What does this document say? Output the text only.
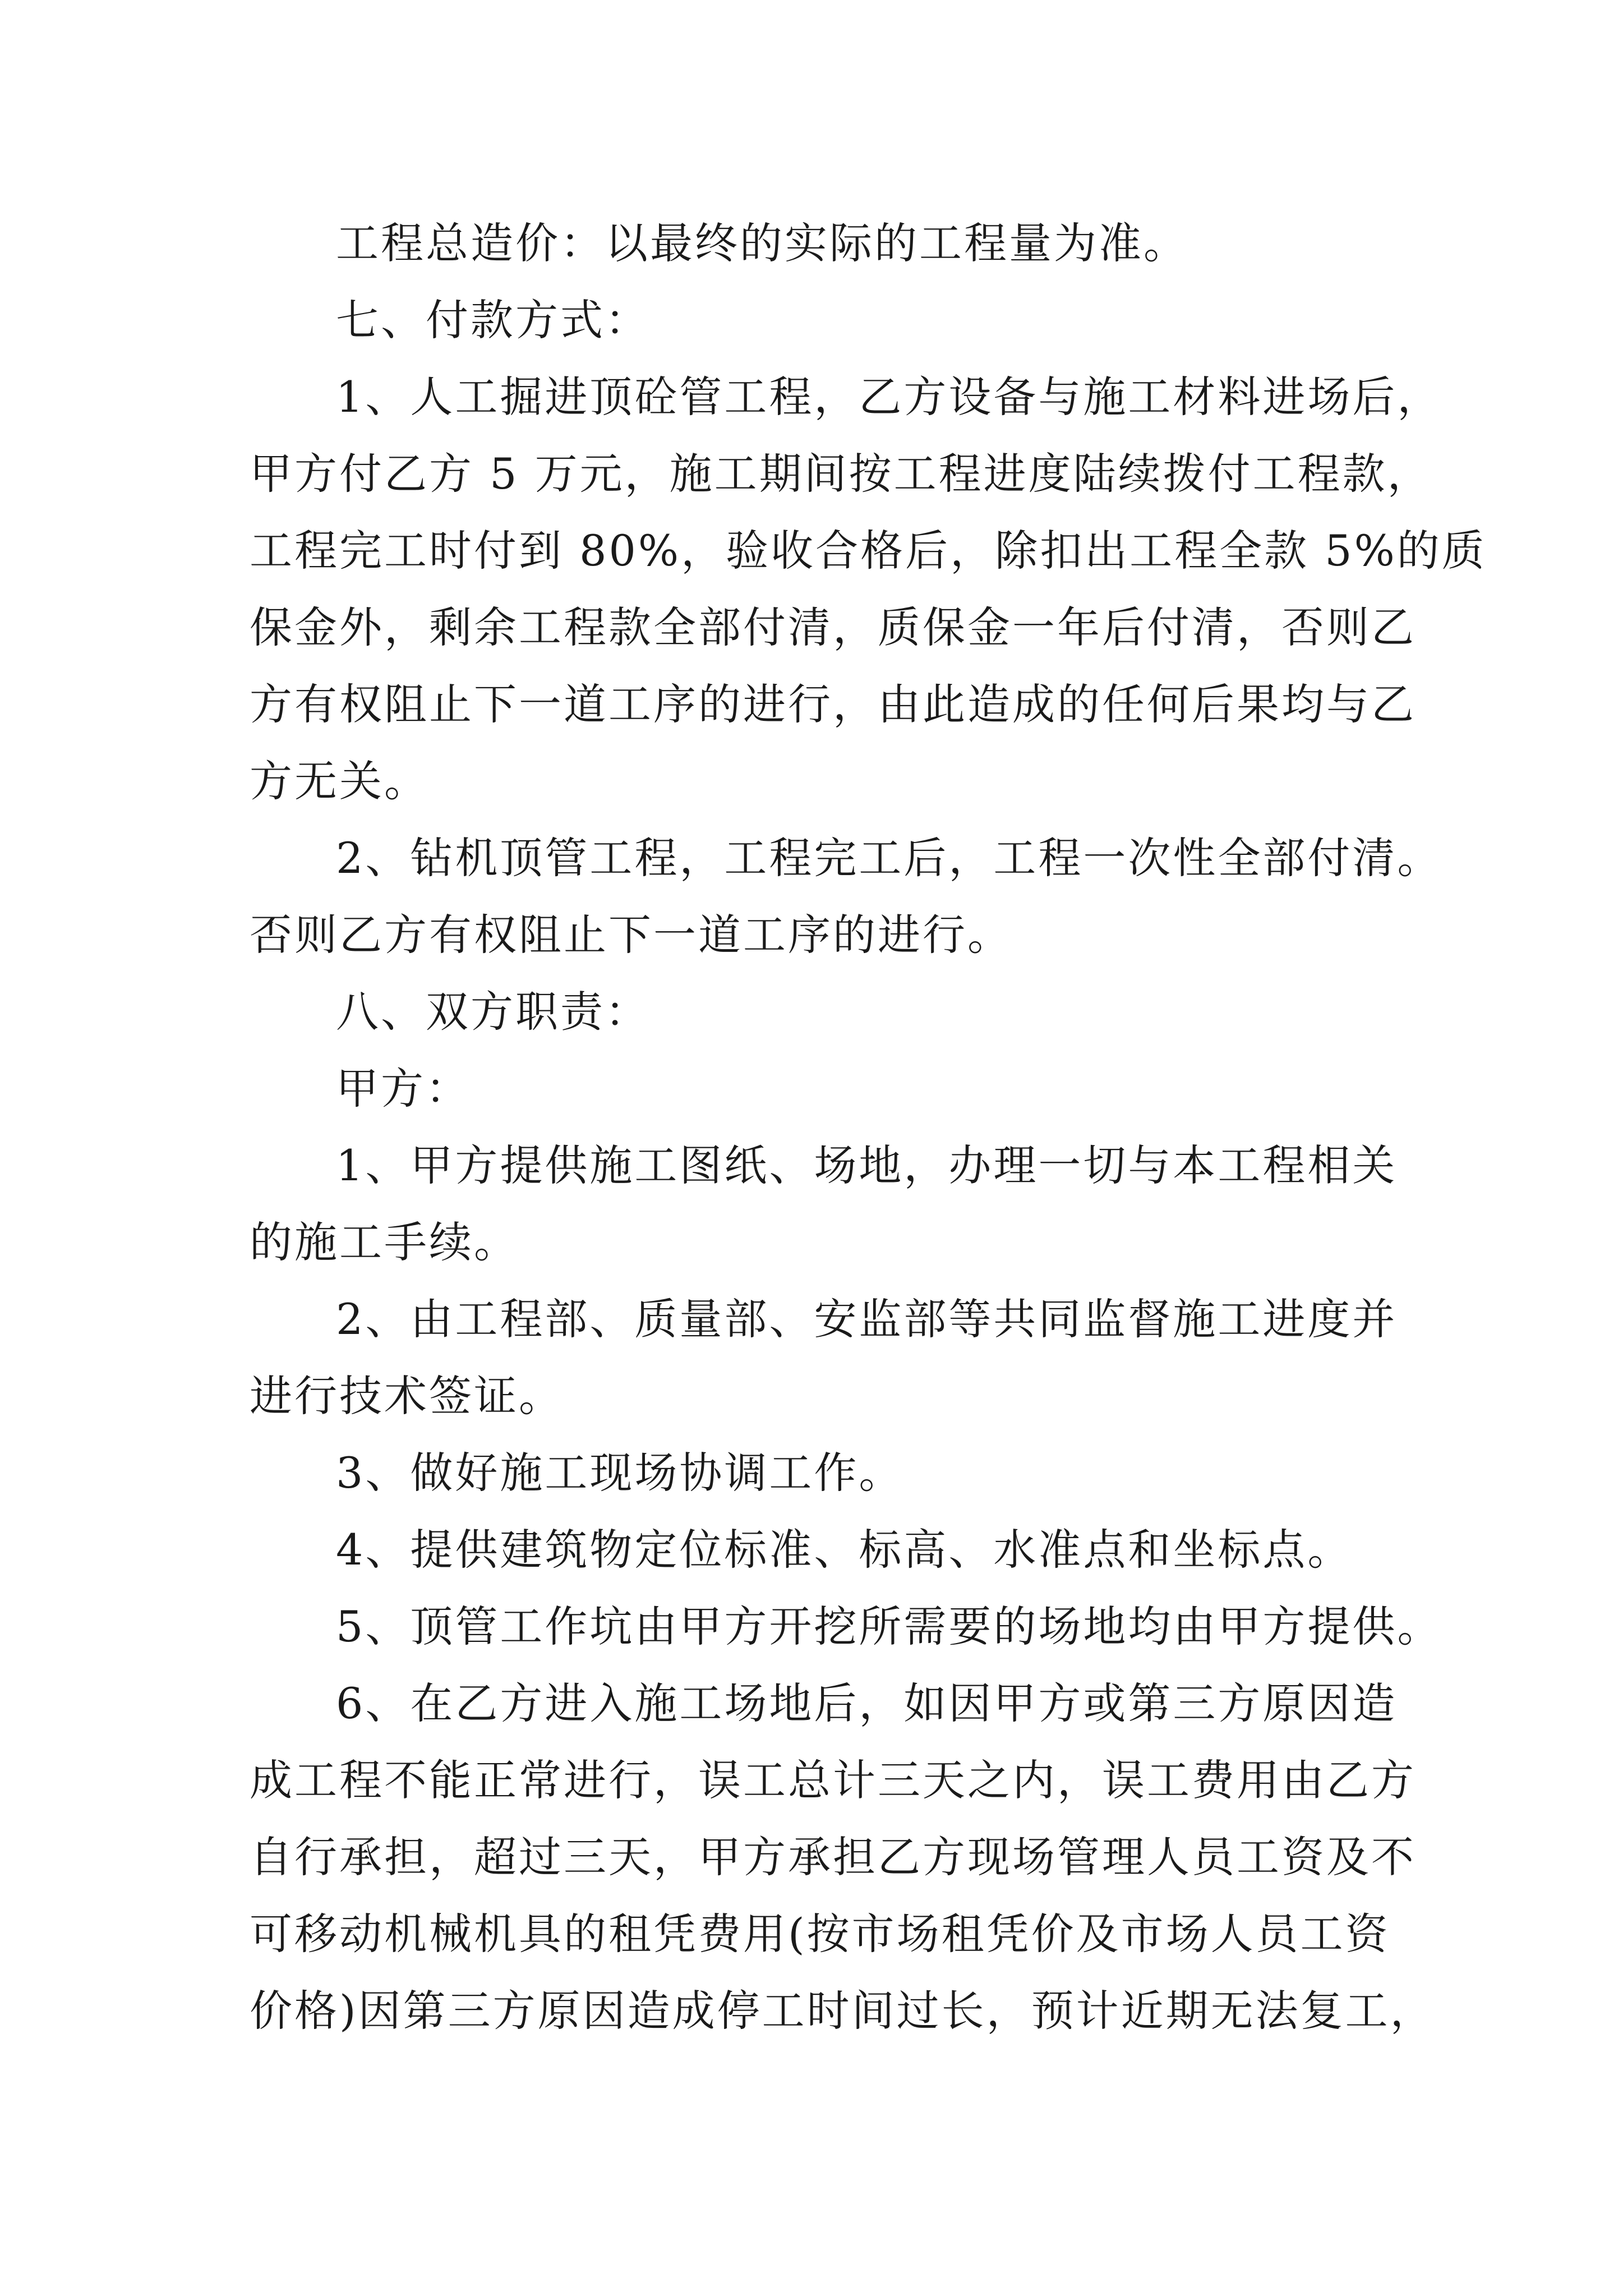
工程总造价：以最终的实际的工程量为准。
七、付款方式：
1、人工掘进顶砼管工程，乙方设备与施工材料进场后，
甲方付乙方 5 万元，施工期间按工程进度陆续拨付工程款，
工程完工时付到 80%，验收合格后，除扣出工程全款 5%的质
保金外，剩余工程款全部付清，质保金一年后付清，否则乙
方有权阻止下一道工序的进行，由此造成的任何后果均与乙
方无关。
2、钻机顶管工程，工程完工后，工程一次性全部付清。
否则乙方有权阻止下一道工序的进行。
八、双方职责：
甲方：
1、甲方提供施工图纸、场地，办理一切与本工程相关
的施工手续。
2、由工程部、质量部、安监部等共同监督施工进度并
进行技术签证。
3、做好施工现场协调工作。
4、提供建筑物定位标准、标高、水准点和坐标点。
5、顶管工作坑由甲方开挖所需要的场地均由甲方提供。
6、在乙方进入施工场地后，如因甲方或第三方原因造
成工程不能正常进行，误工总计三天之内，误工费用由乙方
自行承担，超过三天，甲方承担乙方现场管理人员工资及不
可移动机械机具的租凭费用(按市场租凭价及市场人员工资
价格)因第三方原因造成停工时间过长，预计近期无法复工，
